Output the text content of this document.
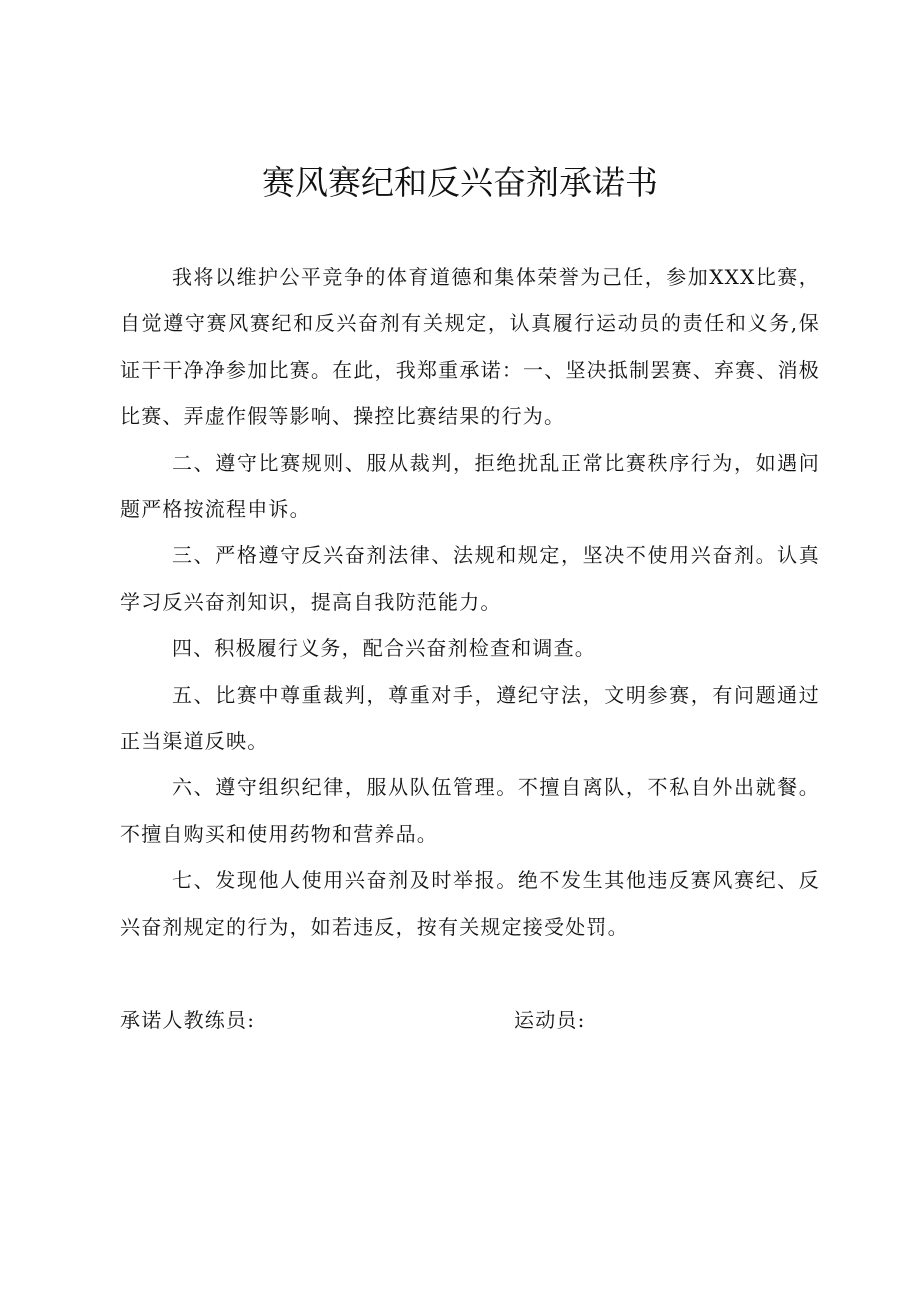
赛风赛纪和反兴奋剂承诺书

我将以维护公平竞争的体育道德和集体荣誉为己任，参加XXX比赛，自觉遵守赛风赛纪和反兴奋剂有关规定，认真履行运动员的责任和义务,保证干干净净参加比赛。在此，我郑重承诺：一、坚决抵制罢赛、弃赛、消极比赛、弄虚作假等影响、操控比赛结果的行为。

二、遵守比赛规则、服从裁判，拒绝扰乱正常比赛秩序行为，如遇问题严格按流程申诉。

三、严格遵守反兴奋剂法律、法规和规定，坚决不使用兴奋剂。认真学习反兴奋剂知识，提高自我防范能力。

四、积极履行义务，配合兴奋剂检查和调查。

五、比赛中尊重裁判，尊重对手，遵纪守法，文明参赛，有问题通过正当渠道反映。

六、遵守组织纪律，服从队伍管理。不擅自离队，不私自外出就餐。不擅自购买和使用药物和营养品。

七、发现他人使用兴奋剂及时举报。绝不发生其他违反赛风赛纪、反兴奋剂规定的行为，如若违反，按有关规定接受处罚。

承诺人教练员:	运动员:
